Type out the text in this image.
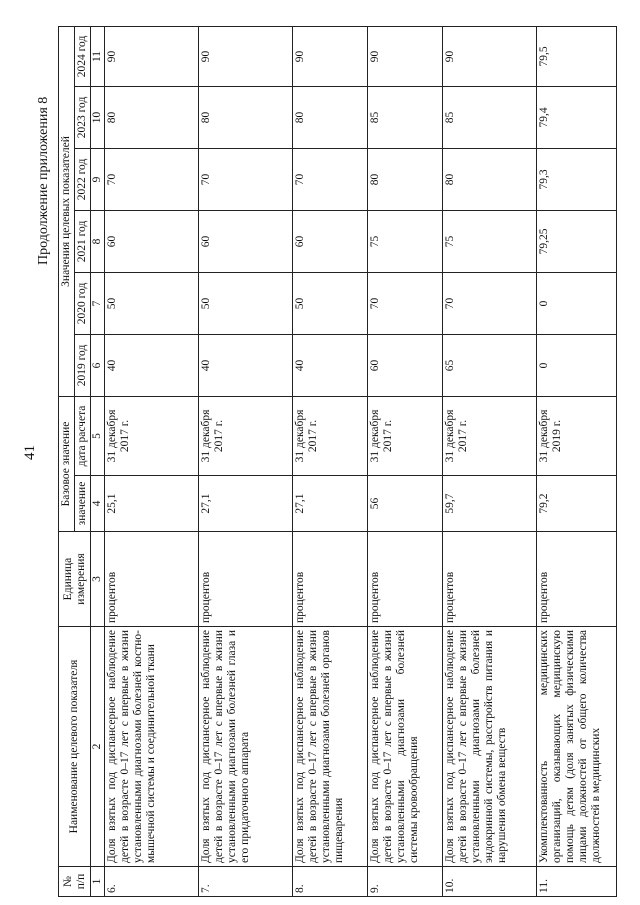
41
Продолжение приложения 8
№ п/п	Наименование целевого показателя	Единица измерения	Базовое значение		Значения целевых показателей					
			значение	дата расчета	2019 год	2020 год	2021 год	2022 год	2023 год	2024 год
1	2	3	4	5	6	7	8	9	10	11
6.	Доля взятых под диспансерное наблюдение детей в возрасте 0–17 лет с впервые в жизни установленными диагнозами болезней костно-мышечной системы и соединительной ткани	процентов	25,1	31 декабря 2017 г.	40	50	60	70	80	90
7.	Доля взятых под диспансерное наблюдение детей в возрасте 0–17 лет с впервые в жизни установленными диагнозами болезней глаза и его придаточного аппарата	процентов	27,1	31 декабря 2017 г.	40	50	60	70	80	90
8.	Доля взятых под диспансерное наблюдение детей в возрасте 0–17 лет с впервые в жизни установленными диагнозами болезней органов пищеварения	процентов	27,1	31 декабря 2017 г.	40	50	60	70	80	90
9.	Доля взятых под диспансерное наблюдение детей в возрасте 0–17 лет с впервые в жизни установленными диагнозами болезней системы кровообращения	процентов	56	31 декабря 2017 г.	60	70	75	80	85	90
10.	Доля взятых под диспансерное наблюдение детей в возрасте 0–17 лет с впервые в жизни установленными диагнозами болезней эндокринной системы, расстройств питания и нарушения обмена веществ	процентов	59,7	31 декабря 2017 г.	65	70	75	80	85	90
11.	Укомплектованность медицинских организаций, оказывающих медицинскую помощь детям (доля занятых физическими лицами должностей от общего количества должностей в медицинских	процентов	79,2	31 декабря 2019 г.	0	0	79,25	79,3	79,4	79,5
